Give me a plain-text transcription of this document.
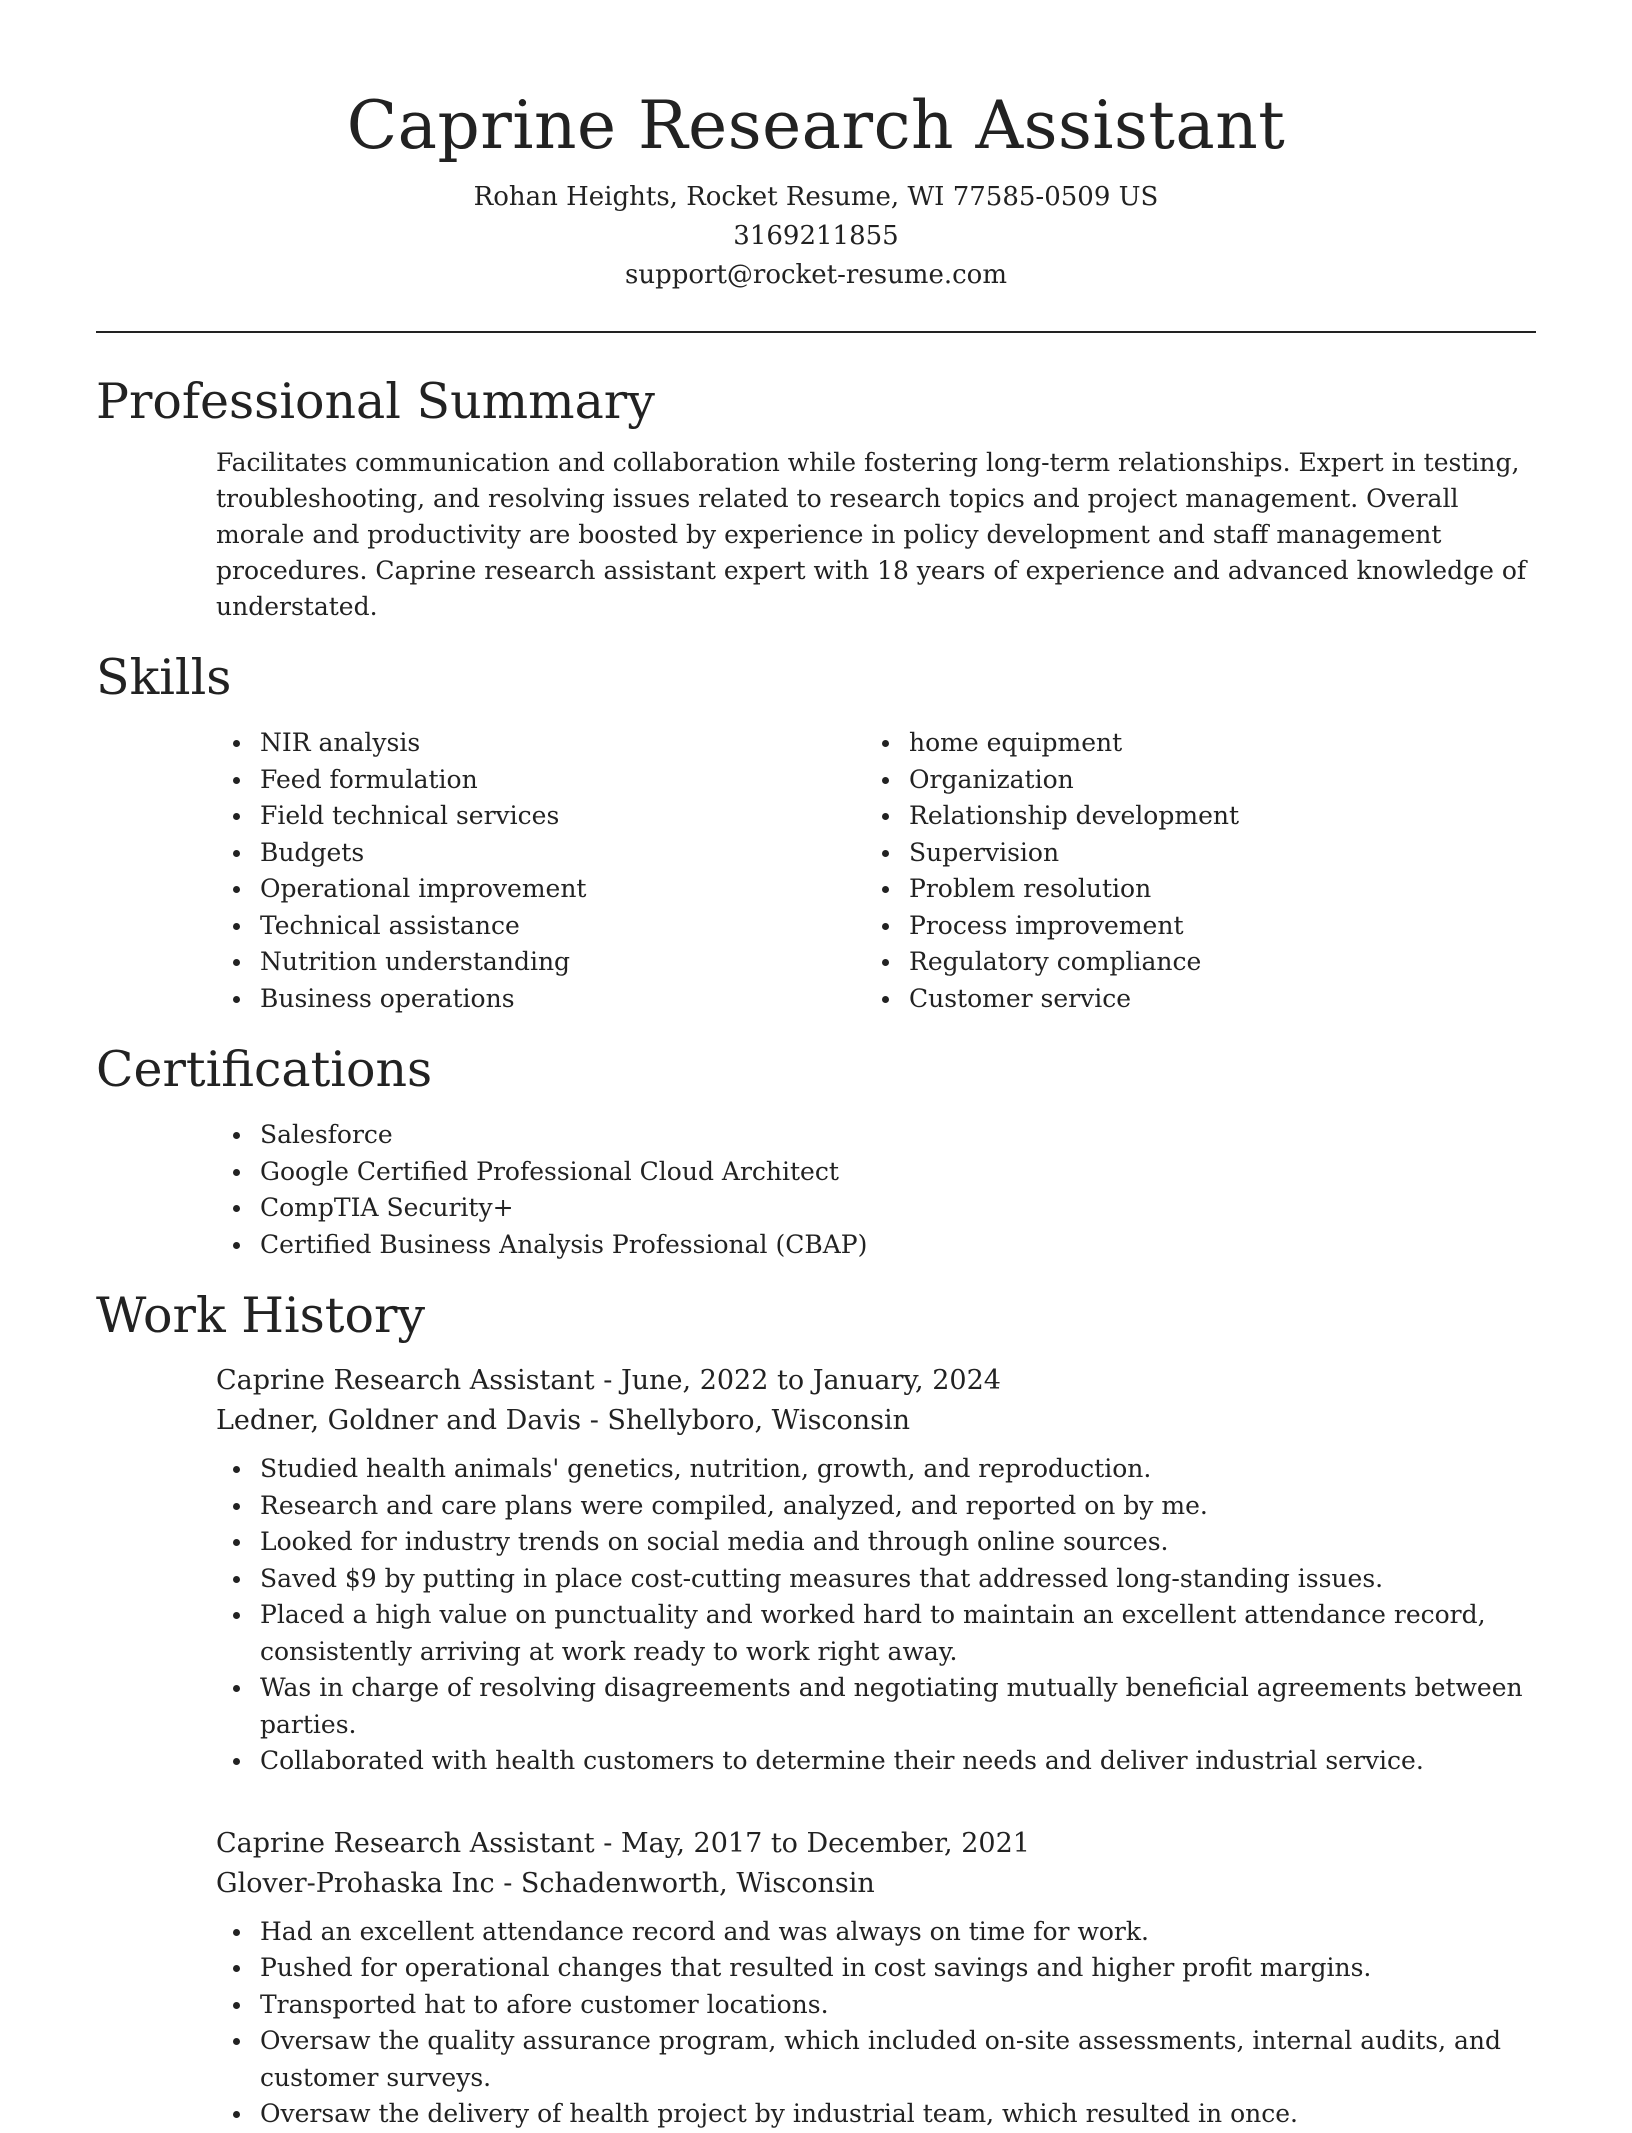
Caprine Research Assistant
Rohan Heights, Rocket Resume, WI 77585-0509 US
3169211855
support@rocket-resume.com
Professional Summary

Facilitates communication and collaboration while fostering long-term relationships. Expert in testing, troubleshooting, and resolving issues related to research topics and project management. Overall morale and productivity are boosted by experience in policy development and staff management procedures. Caprine research assistant expert with 18 years of experience and advanced knowledge of understated.

Skills
NIR analysis
Feed formulation
Field technical services
Budgets
Operational improvement
Technical assistance
Nutrition understanding
Business operations
home equipment
Organization
Relationship development
Supervision
Problem resolution
Process improvement
Regulatory compliance
Customer service
Certifications
Salesforce
Google Certified Professional Cloud Architect
CompTIA Security+
Certified Business Analysis Professional (CBAP)
Work History
Caprine Research Assistant - June, 2022 to January, 2024
Ledner, Goldner and Davis - Shellyboro, Wisconsin
Studied health animals' genetics, nutrition, growth, and reproduction.
Research and care plans were compiled, analyzed, and reported on by me.
Looked for industry trends on social media and through online sources.
Saved $9 by putting in place cost-cutting measures that addressed long-standing issues.
Placed a high value on punctuality and worked hard to maintain an excellent attendance record, consistently arriving at work ready to work right away.
Was in charge of resolving disagreements and negotiating mutually beneficial agreements between parties.
Collaborated with health customers to determine their needs and deliver industrial service.
Caprine Research Assistant - May, 2017 to December, 2021
Glover-Prohaska Inc - Schadenworth, Wisconsin
Had an excellent attendance record and was always on time for work.
Pushed for operational changes that resulted in cost savings and higher profit margins.
Transported hat to afore customer locations.
Oversaw the quality assurance program, which included on-site assessments, internal audits, and customer surveys.
Oversaw the delivery of health project by industrial team, which resulted in once.
